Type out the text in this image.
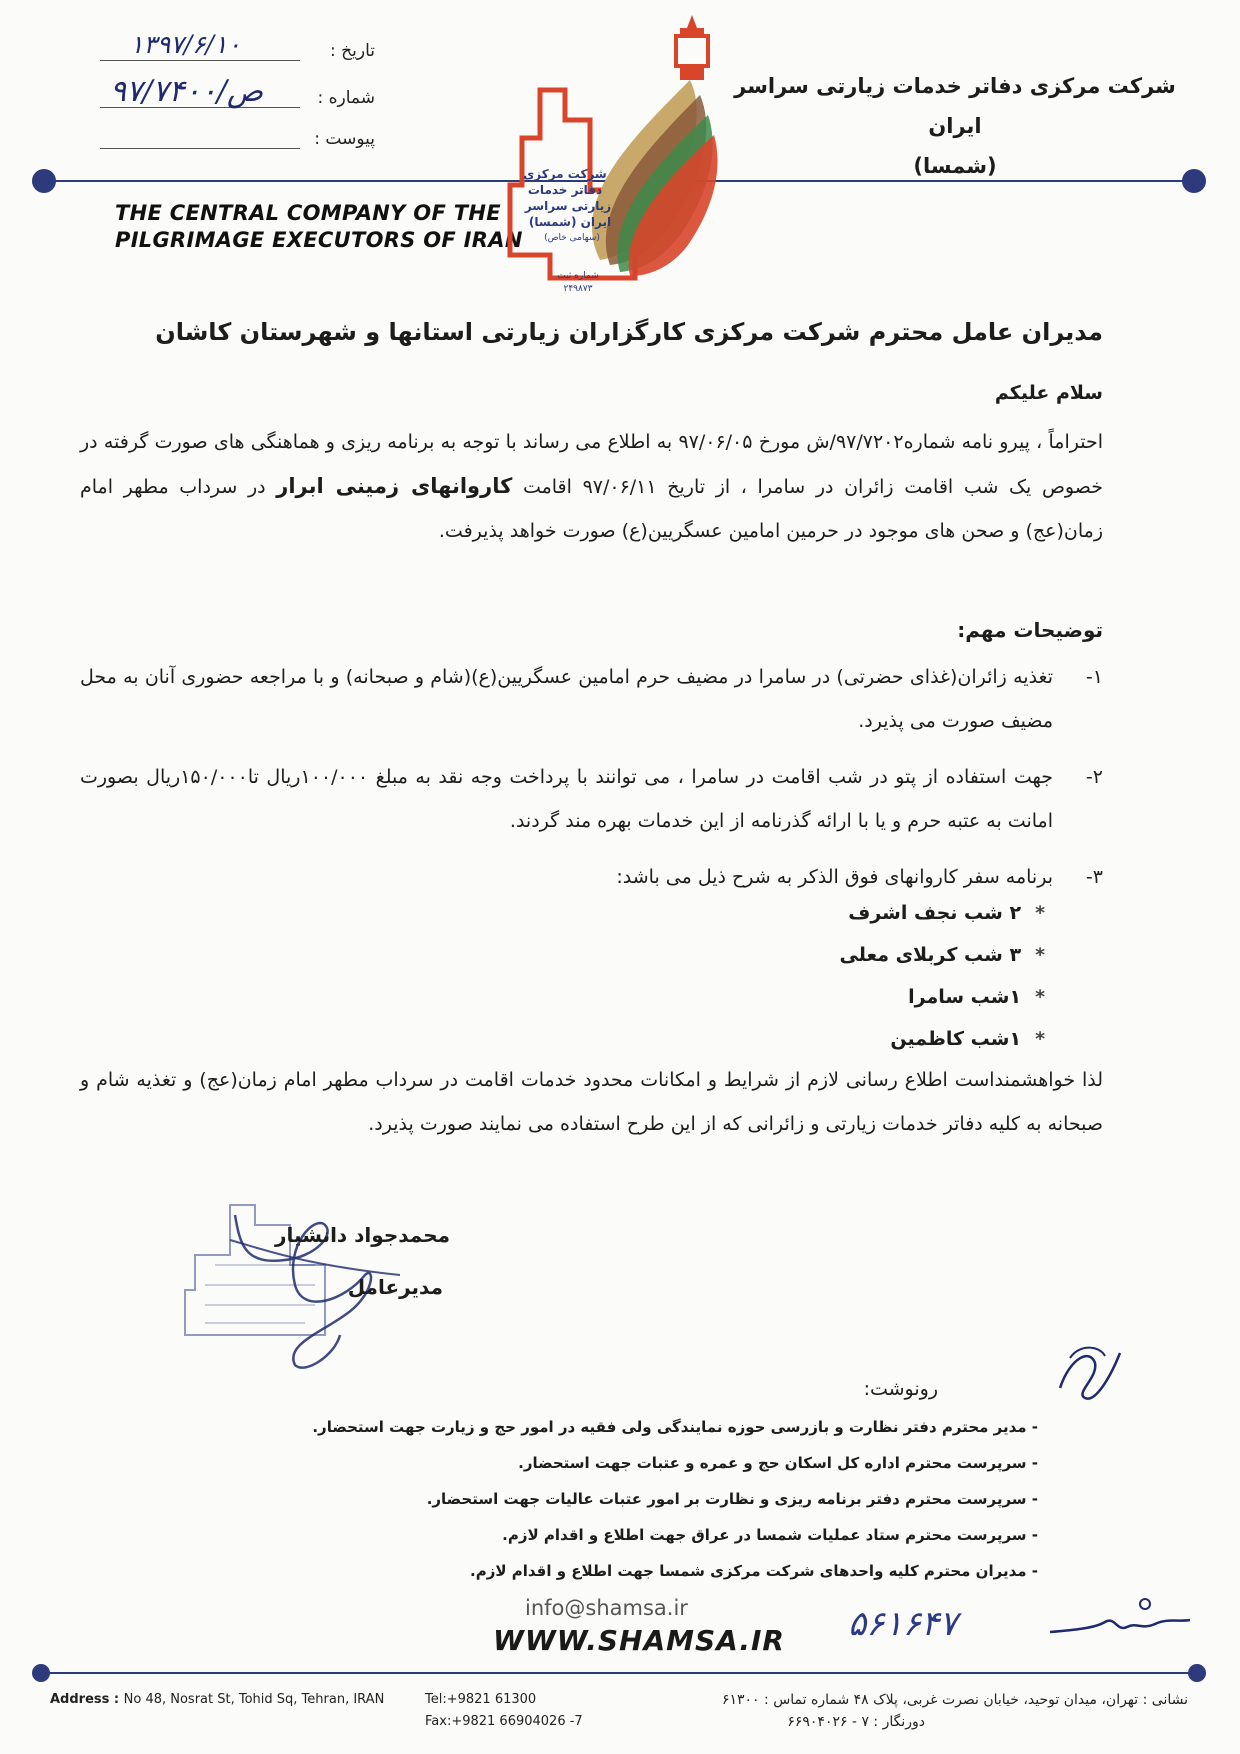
تاریخ :
۱۳۹۷/۶/۱۰
شماره :
ص/۹۷/۷۴۰۰
پیوست :
شرکت مرکزی دفاتر خدمات زیارتی سراسر ایران
(شمسا)
THE CENTRAL COMPANY OF THE
PILGRIMAGE EXECUTORS OF IRAN
شرکت مرکزی
دفاتر خدمات
زیارتی سراسر
ایران (شمسا)
(سهامی خاص)
شماره ثبت
۲۴۹۸۷۳
مدیران عامل محترم شرکت مرکزی کارگزاران زیارتی استانها و شهرستان کاشان
سلام علیکم
احتراماً ، پیرو نامه شماره۹۷/۷۲۰۲/ش مورخ ۹۷/۰۶/۰۵ به اطلاع می رساند با توجه به برنامه ریزی و هماهنگی های صورت گرفته در خصوص یک شب اقامت زائران در سامرا ، از تاریخ ۹۷/۰۶/۱۱ اقامت کاروانهای زمینی ابرار در سرداب مطهر امام زمان(عج) و صحن های موجود در حرمین امامین عسگریین(ع) صورت خواهد پذیرفت.
توضیحات مهم:
۱-
تغذیه زائران(غذای حضرتی) در سامرا در مضیف حرم امامین عسگریین(ع)(شام و صبحانه) و با مراجعه حضوری آنان به محل مضیف صورت می پذیرد.
۲-
جهت استفاده از پتو در شب اقامت در سامرا ، می توانند با پرداخت وجه نقد به مبلغ ۱۰۰/۰۰۰ریال تا۱۵۰/۰۰۰ریال بصورت امانت به عتبه حرم و یا با ارائه گذرنامه از این خدمات بهره مند گردند.
۳-
برنامه سفر کاروانهای فوق الذکر به شرح ذیل می باشد:
*۲ شب نجف اشرف
*۳ شب کربلای معلی
*۱شب سامرا
*۱شب کاظمین
لذا خواهشمنداست اطلاع رسانی لازم از شرایط و امکانات محدود خدمات اقامت در سرداب مطهر امام زمان(عج) و تغذیه شام و صبحانه به کلیه دفاتر خدمات زیارتی و زائرانی که از این طرح استفاده می نمایند صورت پذیرد.
محمدجواد دانشیار
مدیرعامل
رونوشت:
- مدیر محترم دفتر نظارت و بازرسی حوزه نمایندگی ولی فقیه در امور حج و زیارت جهت استحضار.
- سرپرست محترم اداره کل اسکان حج و عمره و عتبات جهت استحضار.
- سرپرست محترم دفتر برنامه ریزی و نظارت بر امور عتبات عالیات جهت استحضار.
- سرپرست محترم ستاد عملیات شمسا در عراق جهت اطلاع و اقدام لازم.
- مدیران محترم کلیه واحدهای شرکت مرکزی شمسا جهت اطلاع و اقدام لازم.
info@shamsa.ir
WWW.SHAMSA.IR ۵۶۱۶۴۷
Address : No 48, Nosrat St, Tohid Sq, Tehran, IRAN	Tel:+9821 61300
Fax:+9821 66904026 -7
نشانی : تهران، میدان توحید، خیابان نصرت غربی، پلاک ۴۸ شماره تماس : ۶۱۳۰۰
دورنگار : ۷ - ۶۶۹۰۴۰۲۶
